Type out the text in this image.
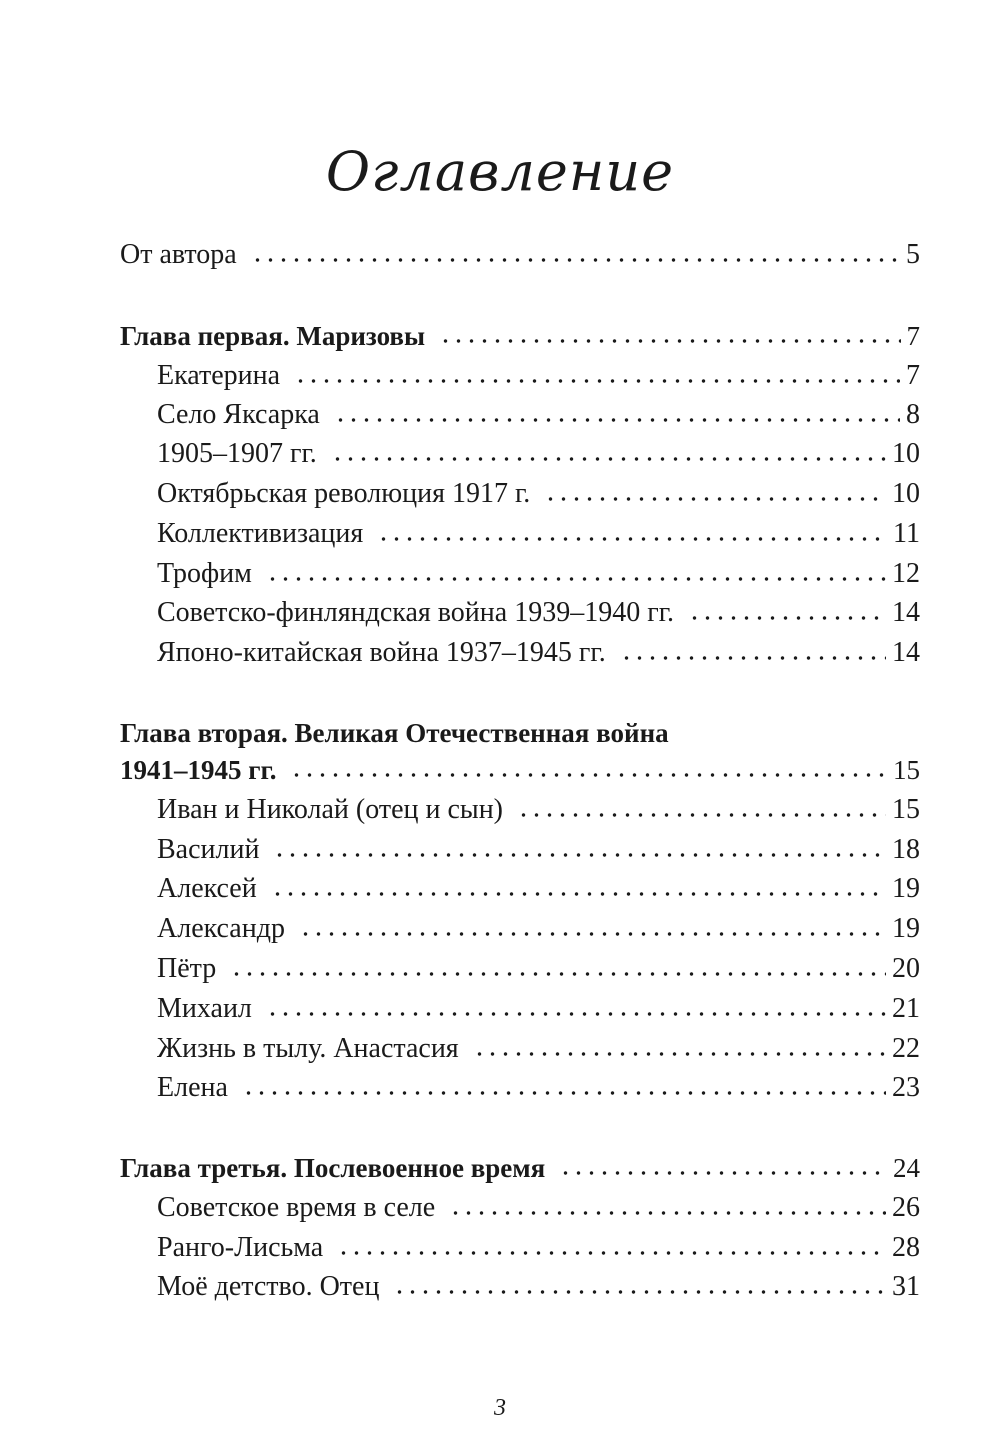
Оглавление
От автора	5
Глава первая. Маризовы	7
Екатерина	7
Село Яксарка	8
1905–1907 гг.	10
Октябрьская революция 1917 г.	10
Коллективизация	11
Трофим	12
Советско-финляндская война 1939–1940 гг.	14
Японо-китайская война 1937–1945 гг.	14
Глава вторая. Великая Отечественная война
1941–1945 гг.	15
Иван и Николай (отец и сын)	15
Василий	18
Алексей	19
Александр	19
Пётр	20
Михаил	21
Жизнь в тылу. Анастасия	22
Елена	23
Глава третья. Послевоенное время	24
Советское время в селе	26
Ранго-Лисьма	28
Моё детство. Отец	31
3
